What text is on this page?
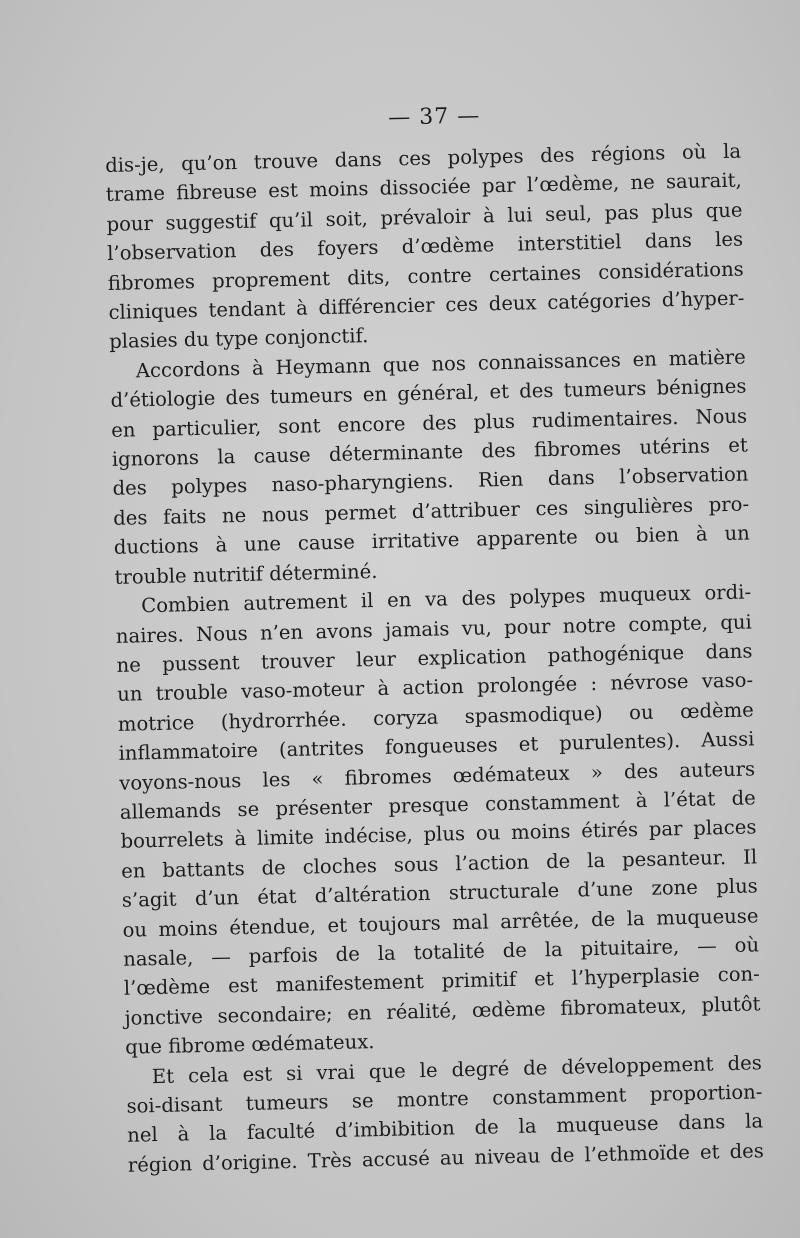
— 37 —
dis-je, qu’on trouve dans ces polypes des régions où la
trame fibreuse est moins dissociée par l’œdème, ne saurait,
pour suggestif qu’il soit, prévaloir à lui seul, pas plus que
l’observation des foyers d’œdème interstitiel dans les
fibromes proprement dits, contre certaines considérations
cliniques tendant à différencier ces deux catégories d’hyper-
plasies du type conjonctif.
Accordons à Heymann que nos connaissances en matière
d’étiologie des tumeurs en général, et des tumeurs bénignes
en particulier, sont encore des plus rudimentaires. Nous
ignorons la cause déterminante des fibromes utérins et
des polypes naso-pharyngiens. Rien dans l’observation
des faits ne nous permet d’attribuer ces singulières pro-
ductions à une cause irritative apparente ou bien à un
trouble nutritif déterminé.
Combien autrement il en va des polypes muqueux ordi-
naires. Nous n’en avons jamais vu, pour notre compte, qui
ne pussent trouver leur explication pathogénique dans
un trouble vaso-moteur à action prolongée : névrose vaso-
motrice (hydrorrhée. coryza spasmodique) ou œdème
inflammatoire (antrites fongueuses et purulentes). Aussi
voyons-nous les « fibromes œdémateux » des auteurs
allemands se présenter presque constamment à l’état de
bourrelets à limite indécise, plus ou moins étirés par places
en battants de cloches sous l’action de la pesanteur. Il
s’agit d’un état d’altération structurale d’une zone plus
ou moins étendue, et toujours mal arrêtée, de la muqueuse
nasale, — parfois de la totalité de la pituitaire, — où
l’œdème est manifestement primitif et l’hyperplasie con-
jonctive secondaire; en réalité, œdème fibromateux, plutôt
que fibrome œdémateux.
Et cela est si vrai que le degré de développement des
soi-disant tumeurs se montre constamment proportion-
nel à la faculté d’imbibition de la muqueuse dans la
région d’origine. Très accusé au niveau de l’ethmoïde et des
